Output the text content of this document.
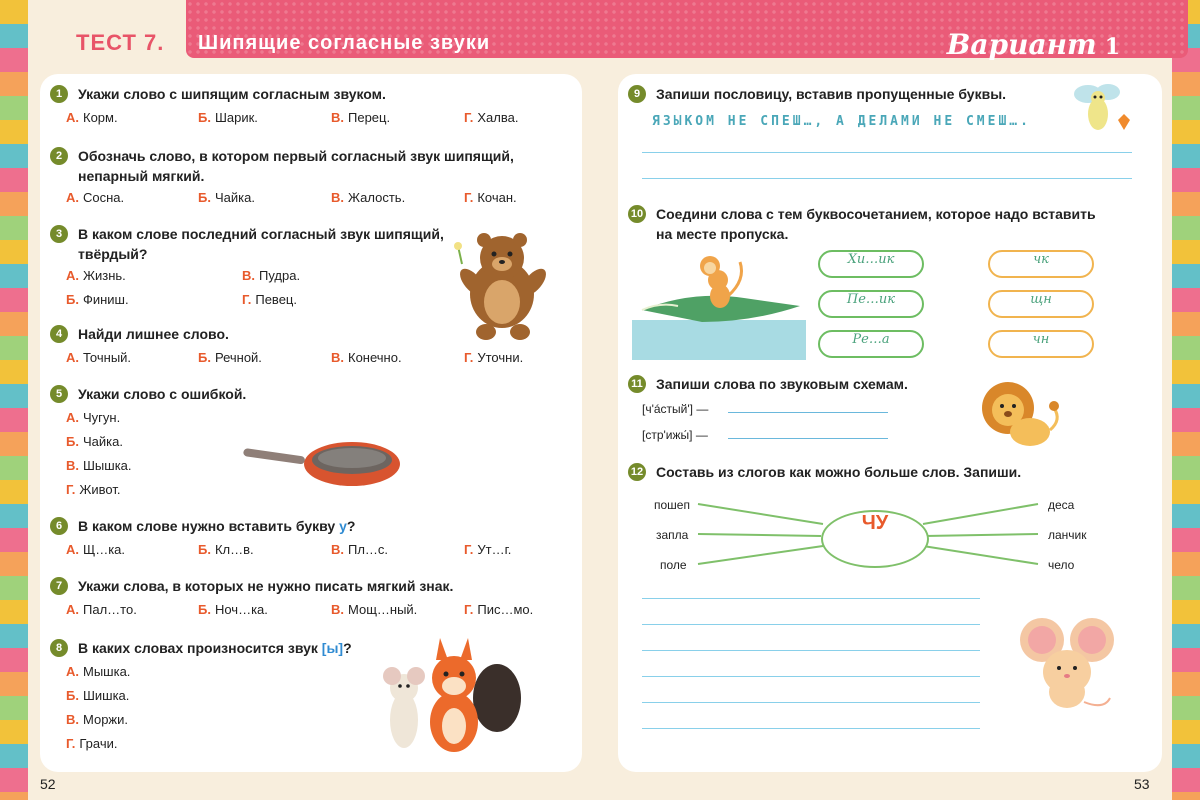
ТЕСТ 7. Шипящие согласные звуки	Вариант 1
1 Укажи слово с шипящим согласным звуком.
А. Корм.	Б. Шарик.	В. Перец.	Г. Халва.
2 Обозначь слово, в котором первый согласный звук шипящий,
непарный мягкий.
А. Сосна.	Б. Чайка.	В. Жалость.	Г. Кочан.
3 В каком слове последний согласный звук шипящий,
твёрдый?
А. Жизнь.	В. Пудра.
Б. Финиш.	Г. Певец.
4 Найди лишнее слово.
А. Точный.	Б. Речной.	В. Конечно.	Г. Уточни.
5 Укажи слово с ошибкой.
А. Чугун.
Б. Чайка.
В. Шышка.
Г. Живот.
6 В каком слове нужно вставить букву у?
А. Щ…ка.	Б. Кл…в.	В. Пл…с.	Г. Ут…г.
7 Укажи слова, в которых не нужно писать мягкий знак.
А. Пал…то.	Б. Ноч…ка.	В. Мощ…ный.	Г. Пис…мо.
8 В каких словах произносится звук [ы]?
А. Мышка.
Б. Шишка.
В. Моржи.
Г. Грачи.
52
9 Запиши пословицу, вставив пропущенные буквы.
ЯЗЫКОМ НЕ СПЕШ…, А ДЕЛАМИ НЕ СМЕШ….
10 Соедини слова с тем буквосочетанием, которое надо вставить
на месте пропуска.
Хи…ик
Пе…ик
Ре…а
чк
щн
чн
11 Запиши слова по звуковым схемам.
[ч'áстый'] —
[стр'ижы́] —
12 Составь из слогов как можно больше слов. Запиши.
ЧУ
пошеп
запла
поле
деса
ланчик
чело
53
